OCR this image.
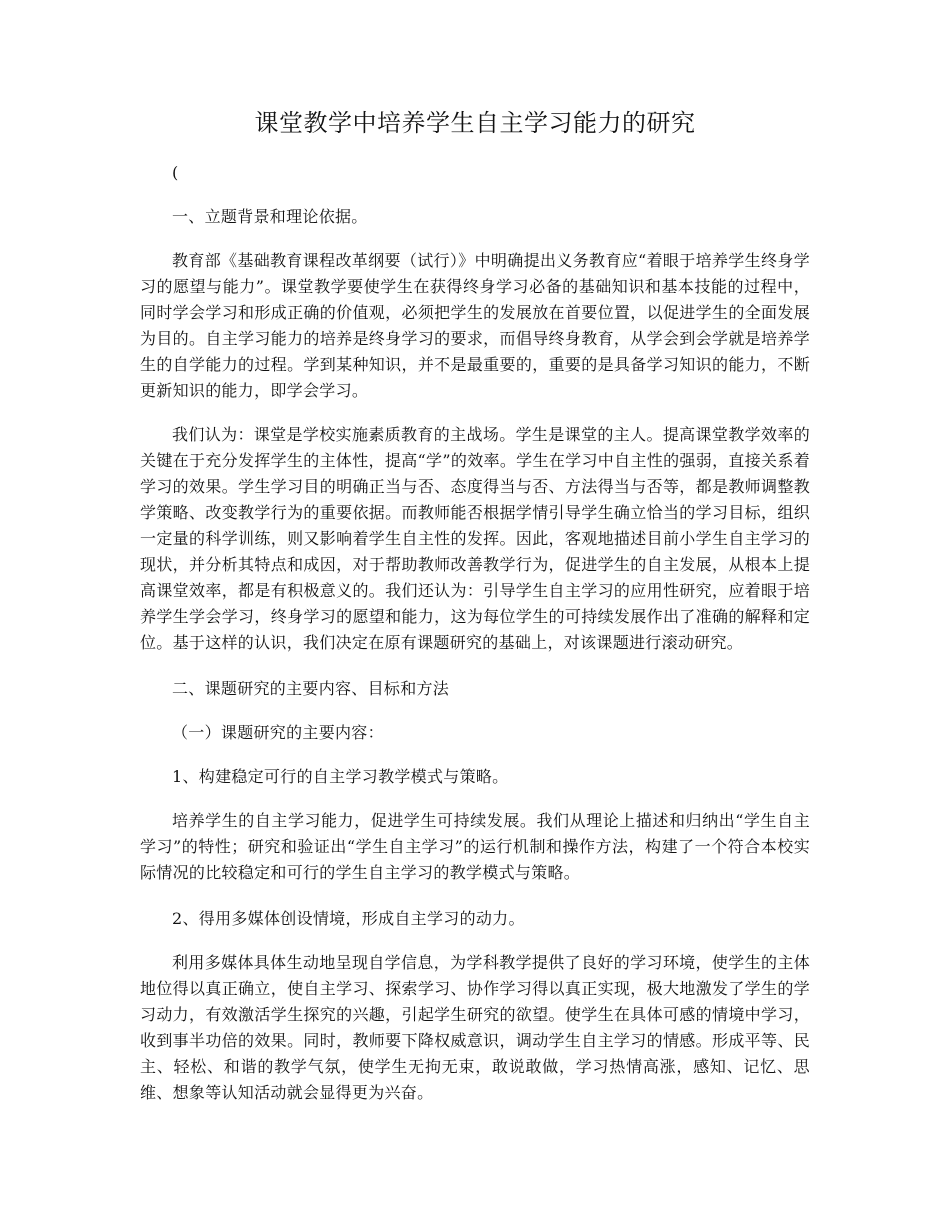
课堂教学中培养学生自主学习能力的研究

(

一、立题背景和理论依据。

教育部《基础教育课程改革纲要（试行）》中明确提出义务教育应“着眼于培养学生终身学习的愿望与能力”。课堂教学要使学生在获得终身学习必备的基础知识和基本技能的过程中，同时学会学习和形成正确的价值观，必须把学生的发展放在首要位置，以促进学生的全面发展为目的。自主学习能力的培养是终身学习的要求，而倡导终身教育，从学会到会学就是培养学生的自学能力的过程。学到某种知识，并不是最重要的，重要的是具备学习知识的能力，不断更新知识的能力，即学会学习。

我们认为：课堂是学校实施素质教育的主战场。学生是课堂的主人。提高课堂教学效率的关键在于充分发挥学生的主体性，提高“学”的效率。学生在学习中自主性的强弱，直接关系着学习的效果。学生学习目的明确正当与否、态度得当与否、方法得当与否等，都是教师调整教学策略、改变教学行为的重要依据。而教师能否根据学情引导学生确立恰当的学习目标，组织一定量的科学训练，则又影响着学生自主性的发挥。因此，客观地描述目前小学生自主学习的现状，并分析其特点和成因，对于帮助教师改善教学行为，促进学生的自主发展，从根本上提高课堂效率，都是有积极意义的。我们还认为：引导学生自主学习的应用性研究，应着眼于培养学生学会学习，终身学习的愿望和能力，这为每位学生的可持续发展作出了准确的解释和定位。基于这样的认识，我们决定在原有课题研究的基础上，对该课题进行滚动研究。

二、课题研究的主要内容、目标和方法

（一）课题研究的主要内容：

1、构建稳定可行的自主学习教学模式与策略。

培养学生的自主学习能力，促进学生可持续发展。我们从理论上描述和归纳出“学生自主学习”的特性；研究和验证出“学生自主学习”的运行机制和操作方法，构建了一个符合本校实际情况的比较稳定和可行的学生自主学习的教学模式与策略。

2、得用多媒体创设情境，形成自主学习的动力。

利用多媒体具体生动地呈现自学信息，为学科教学提供了良好的学习环境，使学生的主体地位得以真正确立，使自主学习、探索学习、协作学习得以真正实现，极大地激发了学生的学习动力，有效激活学生探究的兴趣，引起学生研究的欲望。使学生在具体可感的情境中学习，收到事半功倍的效果。同时，教师要下降权威意识，调动学生自主学习的情感。形成平等、民主、轻松、和谐的教学气氛，使学生无拘无束，敢说敢做，学习热情高涨，感知、记忆、思维、想象等认知活动就会显得更为兴奋。
